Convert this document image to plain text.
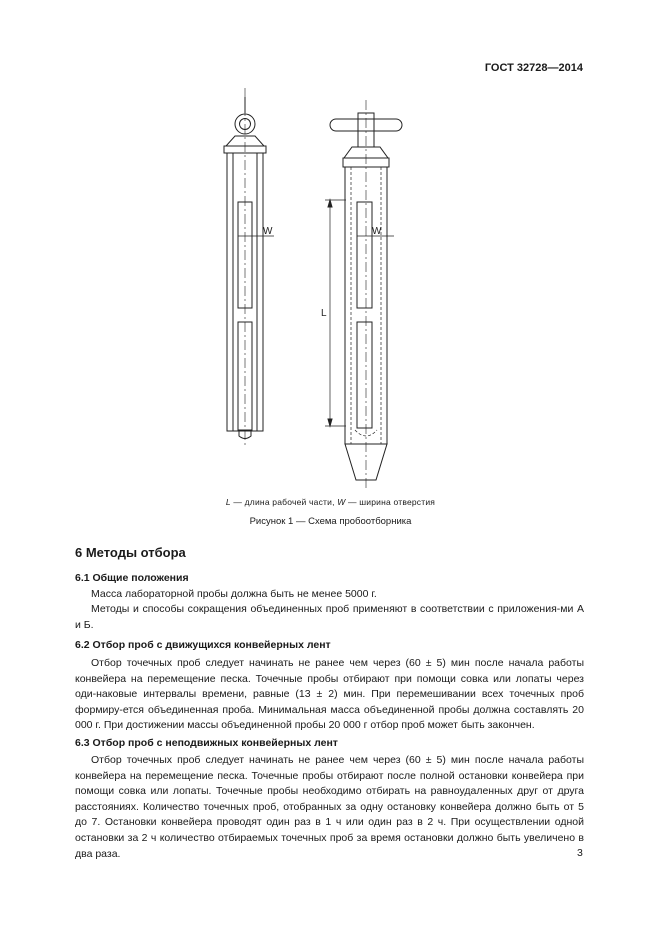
ГОСТ 32728—2014
W	W
L
L — длина рабочей части, W — ширина отверстия
Рисунок 1 — Схема пробоотборника
6 Методы отбора
6.1 Общие положения

Масса лабораторной пробы должна быть не менее 5000 г.

Методы и способы сокращения объединенных проб применяют в соответствии с приложения-ми А и Б.

6.2 Отбор проб с движущихся конвейерных лент

Отбор точечных проб следует начинать не ранее чем через (60 ± 5) мин после начала работы конвейера на перемещение песка. Точечные пробы отбирают при помощи совка или лопаты через оди-наковые интервалы времени, равные (13 ± 2) мин. При перемешивании всех точечных проб формиру-ется объединенная проба. Минимальная масса объединенной пробы должна составлять 20 000 г. При достижении массы объединенной пробы 20 000 г отбор проб может быть закончен.

6.3 Отбор проб с неподвижных конвейерных лент

Отбор точечных проб следует начинать не ранее чем через (60 ± 5) мин после начала работы конвейера на перемещение песка. Точечные пробы отбирают после полной остановки конвейера при помощи совка или лопаты. Точечные пробы необходимо отбирать на равноудаленных друг от друга расстояниях. Количество точечных проб, отобранных за одну остановку конвейера должно быть от 5 до 7. Остановки конвейера проводят один раз в 1 ч или один раз в 2 ч. При осуществлении одной остановки за 2 ч количество отбираемых точечных проб за время остановки должно быть увеличено в два раза.	3
